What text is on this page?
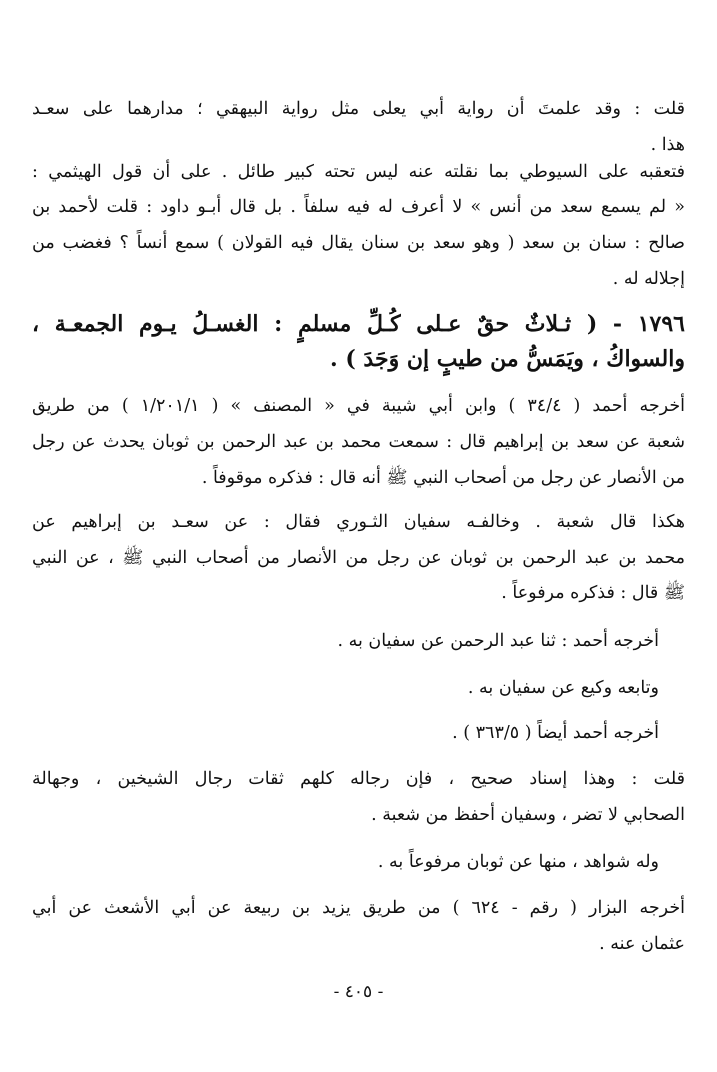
قلت : وقد علمتَ أن رواية أبي يعلى مثل رواية البيهقي ؛ مدارهما على سعـد
هذا .
فتعقبه على السيوطي بما نقلته عنه ليس تحته كبير طائل . على أن قول الهيثمي :
« لم يسمع سعد من أنس » لا أعرف له فيه سلفاً . بل قال أبـو داود : قلت لأحمد بن
صالح : سنان بن سعد ( وهو سعد بن سنان يقال فيه القولان ) سمع أنساً ؟ فغضب من
إجلاله له .
١٧٩٦ - ( ثـلاثٌ حقٌ عـلى كُـلِّ مسلمٍ : الغسـلُ يـوم الجمعـة ،
والسواكُ ، ويَمَسُّ من طيبٍ إن وَجَدَ ) .
أخرجه أحمد ( ٣٤/٤ ) وابن أبي شيبة في « المصنف » ( ١/٢٠١/١ ) من طريق
شعبة عن سعد بن إبراهيم قال : سمعت محمد بن عبد الرحمن بن ثوبان يحدث عن رجل
من الأنصار عن رجل من أصحاب النبي ﷺ أنه قال : فذكره موقوفاً .
هكذا قال شعبة . وخالفـه سفيان الثـوري فقال : عن سعـد بن إبراهيم عن
محمد بن عبد الرحمن بن ثوبان عن رجل من الأنصار من أصحاب النبي ﷺ ، عن النبي
ﷺ قال : فذكره مرفوعاً .
أخرجه أحمد : ثنا عبد الرحمن عن سفيان به .
وتابعه وكيع عن سفيان به .
أخرجه أحمد أيضاً ( ٣٦٣/٥ ) .
قلت : وهذا إسناد صحيح ، فإن رجاله كلهم ثقات رجال الشيخين ، وجهالة
الصحابي لا تضر ، وسفيان أحفظ من شعبة .
وله شواهد ، منها عن ثوبان مرفوعاً به .
أخرجه البزار ( رقم - ٦٢٤ ) من طريق يزيد بن ربيعة عن أبي الأشعث عن أبي
عثمان عنه .
- ٤٠٥ -
